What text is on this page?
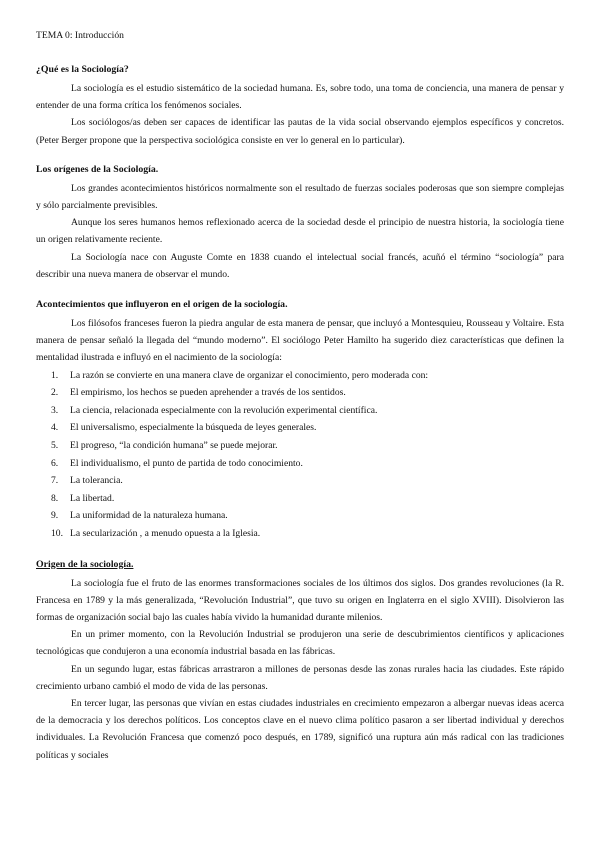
TEMA 0: Introducción
¿Qué es la Sociología?

La sociología es el estudio sistemático de la sociedad humana. Es, sobre todo, una toma de conciencia, una manera de pensar y entender de una forma crítica los fenómenos sociales.

Los sociólogos/as deben ser capaces de identificar las pautas de la vida social observando ejemplos específicos y concretos. (Peter Berger propone que la perspectiva sociológica consiste en ver lo general en lo particular).

Los orígenes de la Sociología.

Los grandes acontecimientos históricos normalmente son el resultado de fuerzas sociales poderosas que son siempre complejas y sólo parcialmente previsibles.

Aunque los seres humanos hemos reflexionado acerca de la sociedad desde el principio de nuestra historia, la sociología tiene un origen relativamente reciente.

La Sociología nace con Auguste Comte en 1838 cuando el intelectual social francés, acuñó el término “sociología” para describir una nueva manera de observar el mundo.

Acontecimientos que influyeron en el origen de la sociología.

Los filósofos franceses fueron la piedra angular de esta manera de pensar, que incluyó a Montesquieu, Rousseau y Voltaire. Esta manera de pensar señaló la llegada del “mundo moderno”. El sociólogo Peter Hamilto ha sugerido diez características que definen la mentalidad ilustrada e influyó en el nacimiento de la sociología:

1. La razón se convierte en una manera clave de organizar el conocimiento, pero moderada con:
2. El empirismo, los hechos se pueden aprehender a través de los sentidos.
3. La ciencia, relacionada especialmente con la revolución experimental científica.
4. El universalismo, especialmente la búsqueda de leyes generales.
5. El progreso, “la condición humana” se puede mejorar.
6. El individualismo, el punto de partida de todo conocimiento.
7. La tolerancia.
8. La libertad.
9. La uniformidad de la naturaleza humana.
10. La secularización , a menudo opuesta a la Iglesia.
Origen de la sociología.

La sociología fue el fruto de las enormes transformaciones sociales de los últimos dos siglos. Dos grandes revoluciones (la R. Francesa en 1789 y la más generalizada, “Revolución Industrial”, que tuvo su origen en Inglaterra en el siglo XVIII). Disolvieron las formas de organización social bajo las cuales había vivido la humanidad durante milenios.

En un primer momento, con la Revolución Industrial se produjeron una serie de descubrimientos científicos y aplicaciones tecnológicas que condujeron a una economía industrial basada en las fábricas.

En un segundo lugar, estas fábricas arrastraron a millones de personas desde las zonas rurales hacia las ciudades. Este rápido crecimiento urbano cambió el modo de vida de las personas.

En tercer lugar, las personas que vivían en estas ciudades industriales en crecimiento empezaron a albergar nuevas ideas acerca de la democracia y los derechos políticos. Los conceptos clave en el nuevo clima político pasaron a ser libertad individual y derechos individuales. La Revolución Francesa que comenzó poco después, en 1789, significó una ruptura aún más radical con las tradiciones políticas y sociales
